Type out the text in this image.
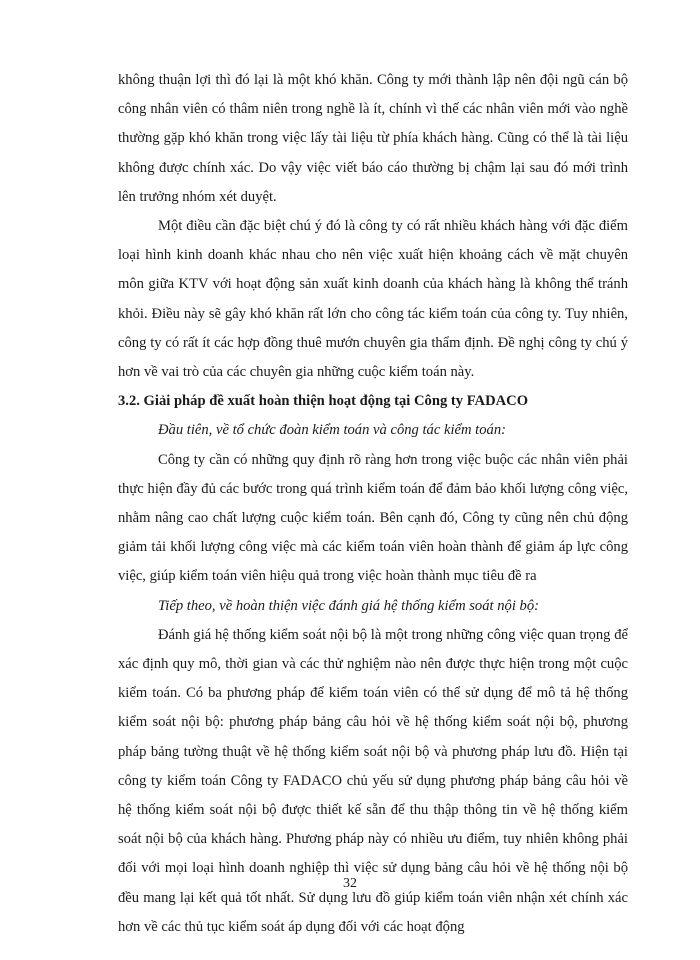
không thuận lợi thì đó lại là một khó khăn. Công ty mới thành lập nên đội ngũ cán bộ công nhân viên có thâm niên trong nghề là ít, chính vì thế các nhân viên mới vào nghề thường gặp khó khăn trong việc lấy tài liệu từ phía khách hàng. Cũng có thể là tài liệu không được chính xác. Do vậy việc viết báo cáo thường bị chậm lại sau đó mới trình lên trưởng nhóm xét duyệt.

Một điều cần đặc biệt chú ý đó là công ty có rất nhiều khách hàng với đặc điểm loại hình kinh doanh khác nhau cho nên việc xuất hiện khoảng cách về mặt chuyên môn giữa KTV với hoạt động sản xuất kinh doanh của khách hàng là không thể tránh khỏi. Điều này sẽ gây khó khăn rất lớn cho công tác kiểm toán của công ty. Tuy nhiên, công ty có rất ít các hợp đồng thuê mướn chuyên gia thẩm định. Đề nghị công ty chú ý hơn về vai trò của các chuyên gia những cuộc kiểm toán này.

3.2. Giải pháp đề xuất hoàn thiện hoạt động tại Công ty FADACO

Đầu tiên, về tổ chức đoàn kiểm toán và công tác kiểm toán:

Công ty cần có những quy định rõ ràng hơn trong việc buộc các nhân viên phải thực hiện đầy đủ các bước trong quá trình kiểm toán để đảm bảo khối lượng công việc, nhằm nâng cao chất lượng cuộc kiểm toán. Bên cạnh đó, Công ty cũng nên chủ động giảm tải khối lượng công việc mà các kiểm toán viên hoàn thành để giảm áp lực công việc, giúp kiểm toán viên hiệu quả trong việc hoàn thành mục tiêu đề ra

Tiếp theo, về hoàn thiện việc đánh giá hệ thống kiểm soát nội bộ:

Đánh giá hệ thống kiểm soát nội bộ là một trong những công việc quan trọng để xác định quy mô, thời gian và các thử nghiệm nào nên được thực hiện trong một cuộc kiểm toán. Có ba phương pháp để kiểm toán viên có thể sử dụng để mô tả hệ thống kiểm soát nội bộ: phương pháp bảng câu hỏi về hệ thống kiểm soát nội bộ, phương pháp bảng tường thuật về hệ thống kiểm soát nội bộ và phương pháp lưu đồ. Hiện tại công ty kiểm toán Công ty FADACO chủ yếu sử dụng phương pháp bảng câu hỏi về hệ thống kiểm soát nội bộ được thiết kế sẵn để thu thập thông tin về hệ thống kiểm soát nội bộ của khách hàng. Phương pháp này có nhiều ưu điểm, tuy nhiên không phải đối với mọi loại hình doanh nghiệp thì việc sử dụng bảng câu hỏi về hệ thống nội bộ đều mang lại kết quả tốt nhất. Sử dụng lưu đồ giúp kiểm toán viên nhận xét chính xác hơn về các thủ tục kiểm soát áp dụng đối với các hoạt động

32
